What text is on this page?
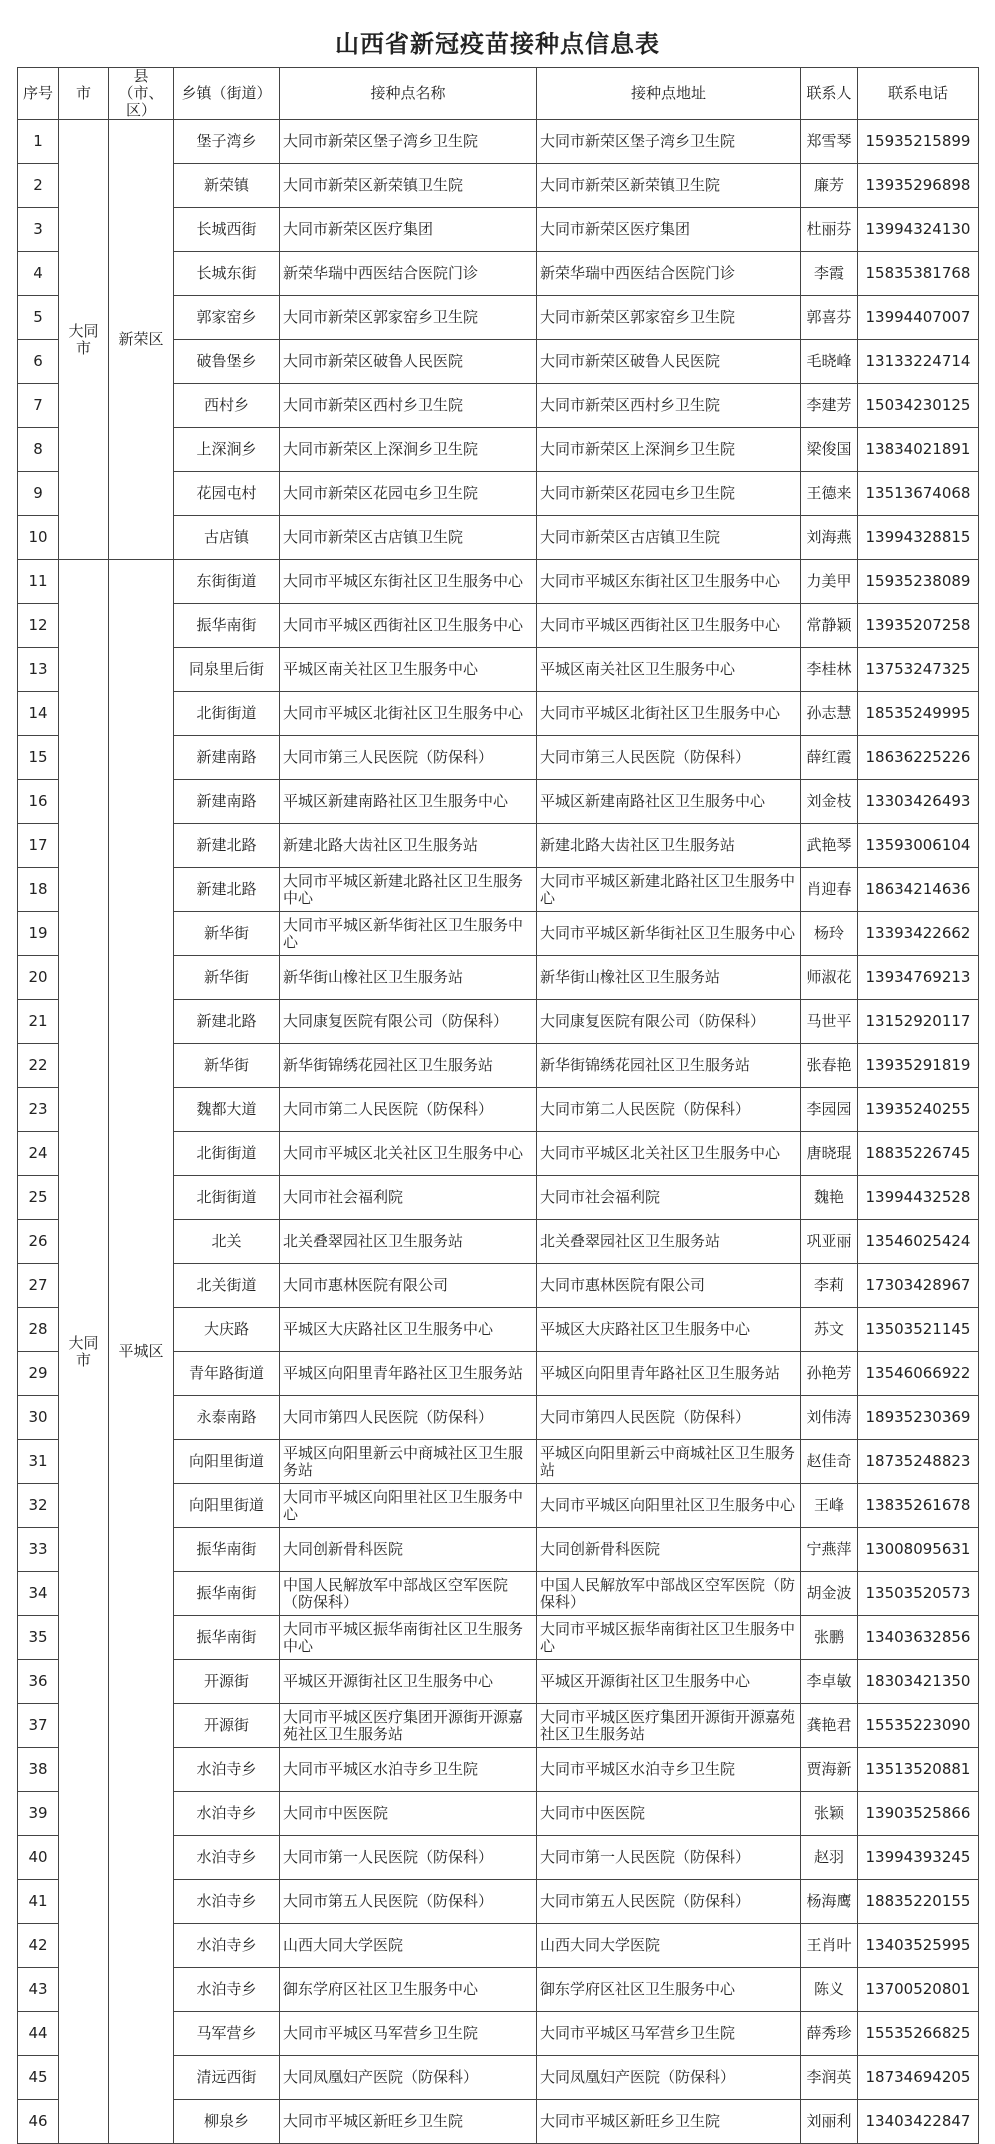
山西省新冠疫苗接种点信息表
序号	市	县（市、区）	乡镇（街道）	接种点名称	接种点地址	联系人	联系电话
1	大同市	新荣区	堡子湾乡	大同市新荣区堡子湾乡卫生院	大同市新荣区堡子湾乡卫生院	郑雪琴	15935215899
2			新荣镇	大同市新荣区新荣镇卫生院	大同市新荣区新荣镇卫生院	廉芳	13935296898
3			长城西街	大同市新荣区医疗集团	大同市新荣区医疗集团	杜丽芬	13994324130
4			长城东街	新荣华瑞中西医结合医院门诊	新荣华瑞中西医结合医院门诊	李霞	15835381768
5			郭家窑乡	大同市新荣区郭家窑乡卫生院	大同市新荣区郭家窑乡卫生院	郭喜芬	13994407007
6			破鲁堡乡	大同市新荣区破鲁人民医院	大同市新荣区破鲁人民医院	毛晓峰	13133224714
7			西村乡	大同市新荣区西村乡卫生院	大同市新荣区西村乡卫生院	李建芳	15034230125
8			上深涧乡	大同市新荣区上深涧乡卫生院	大同市新荣区上深涧乡卫生院	梁俊国	13834021891
9			花园屯村	大同市新荣区花园屯乡卫生院	大同市新荣区花园屯乡卫生院	王德来	13513674068
10			古店镇	大同市新荣区古店镇卫生院	大同市新荣区古店镇卫生院	刘海燕	13994328815
11	大同市	平城区	东街街道	大同市平城区东街社区卫生服务中心	大同市平城区东街社区卫生服务中心	力美甲	15935238089
12			振华南街	大同市平城区西街社区卫生服务中心	大同市平城区西街社区卫生服务中心	常静颖	13935207258
13			同泉里后街	平城区南关社区卫生服务中心	平城区南关社区卫生服务中心	李桂林	13753247325
14			北街街道	大同市平城区北街社区卫生服务中心	大同市平城区北街社区卫生服务中心	孙志慧	18535249995
15			新建南路	大同市第三人民医院（防保科）	大同市第三人民医院（防保科）	薛红霞	18636225226
16			新建南路	平城区新建南路社区卫生服务中心	平城区新建南路社区卫生服务中心	刘金枝	13303426493
17			新建北路	新建北路大齿社区卫生服务站	新建北路大齿社区卫生服务站	武艳琴	13593006104
18			新建北路	大同市平城区新建北路社区卫生服务中心	大同市平城区新建北路社区卫生服务中心	肖迎春	18634214636
19			新华街	大同市平城区新华街社区卫生服务中心	大同市平城区新华街社区卫生服务中心	杨玲	13393422662
20			新华街	新华街山橡社区卫生服务站	新华街山橡社区卫生服务站	师淑花	13934769213
21			新建北路	大同康复医院有限公司（防保科）	大同康复医院有限公司（防保科）	马世平	13152920117
22			新华街	新华街锦绣花园社区卫生服务站	新华街锦绣花园社区卫生服务站	张春艳	13935291819
23			魏都大道	大同市第二人民医院（防保科）	大同市第二人民医院（防保科）	李园园	13935240255
24			北街街道	大同市平城区北关社区卫生服务中心	大同市平城区北关社区卫生服务中心	唐晓琨	18835226745
25			北街街道	大同市社会福利院	大同市社会福利院	魏艳	13994432528
26			北关	北关叠翠园社区卫生服务站	北关叠翠园社区卫生服务站	巩亚丽	13546025424
27			北关街道	大同市惠林医院有限公司	大同市惠林医院有限公司	李莉	17303428967
28			大庆路	平城区大庆路社区卫生服务中心	平城区大庆路社区卫生服务中心	苏文	13503521145
29			青年路街道	平城区向阳里青年路社区卫生服务站	平城区向阳里青年路社区卫生服务站	孙艳芳	13546066922
30			永泰南路	大同市第四人民医院（防保科）	大同市第四人民医院（防保科）	刘伟涛	18935230369
31			向阳里街道	平城区向阳里新云中商城社区卫生服务站	平城区向阳里新云中商城社区卫生服务站	赵佳奇	18735248823
32			向阳里街道	大同市平城区向阳里社区卫生服务中心	大同市平城区向阳里社区卫生服务中心	王峰	13835261678
33			振华南街	大同创新骨科医院	大同创新骨科医院	宁燕萍	13008095631
34			振华南街	中国人民解放军中部战区空军医院（防保科）	中国人民解放军中部战区空军医院（防保科）	胡金波	13503520573
35			振华南街	大同市平城区振华南街社区卫生服务中心	大同市平城区振华南街社区卫生服务中心	张鹏	13403632856
36			开源街	平城区开源街社区卫生服务中心	平城区开源街社区卫生服务中心	李卓敏	18303421350
37			开源街	大同市平城区医疗集团开源街开源嘉苑社区卫生服务站	大同市平城区医疗集团开源街开源嘉苑社区卫生服务站	龚艳君	15535223090
38			水泊寺乡	大同市平城区水泊寺乡卫生院	大同市平城区水泊寺乡卫生院	贾海新	13513520881
39			水泊寺乡	大同市中医医院	大同市中医医院	张颖	13903525866
40			水泊寺乡	大同市第一人民医院（防保科）	大同市第一人民医院（防保科）	赵羽	13994393245
41			水泊寺乡	大同市第五人民医院（防保科）	大同市第五人民医院（防保科）	杨海鹰	18835220155
42			水泊寺乡	山西大同大学医院	山西大同大学医院	王肖叶	13403525995
43			水泊寺乡	御东学府区社区卫生服务中心	御东学府区社区卫生服务中心	陈义	13700520801
44			马军营乡	大同市平城区马军营乡卫生院	大同市平城区马军营乡卫生院	薛秀珍	15535266825
45			清远西街	大同凤凰妇产医院（防保科）	大同凤凰妇产医院（防保科）	李润英	18734694205
46			柳泉乡	大同市平城区新旺乡卫生院	大同市平城区新旺乡卫生院	刘丽利	13403422847
